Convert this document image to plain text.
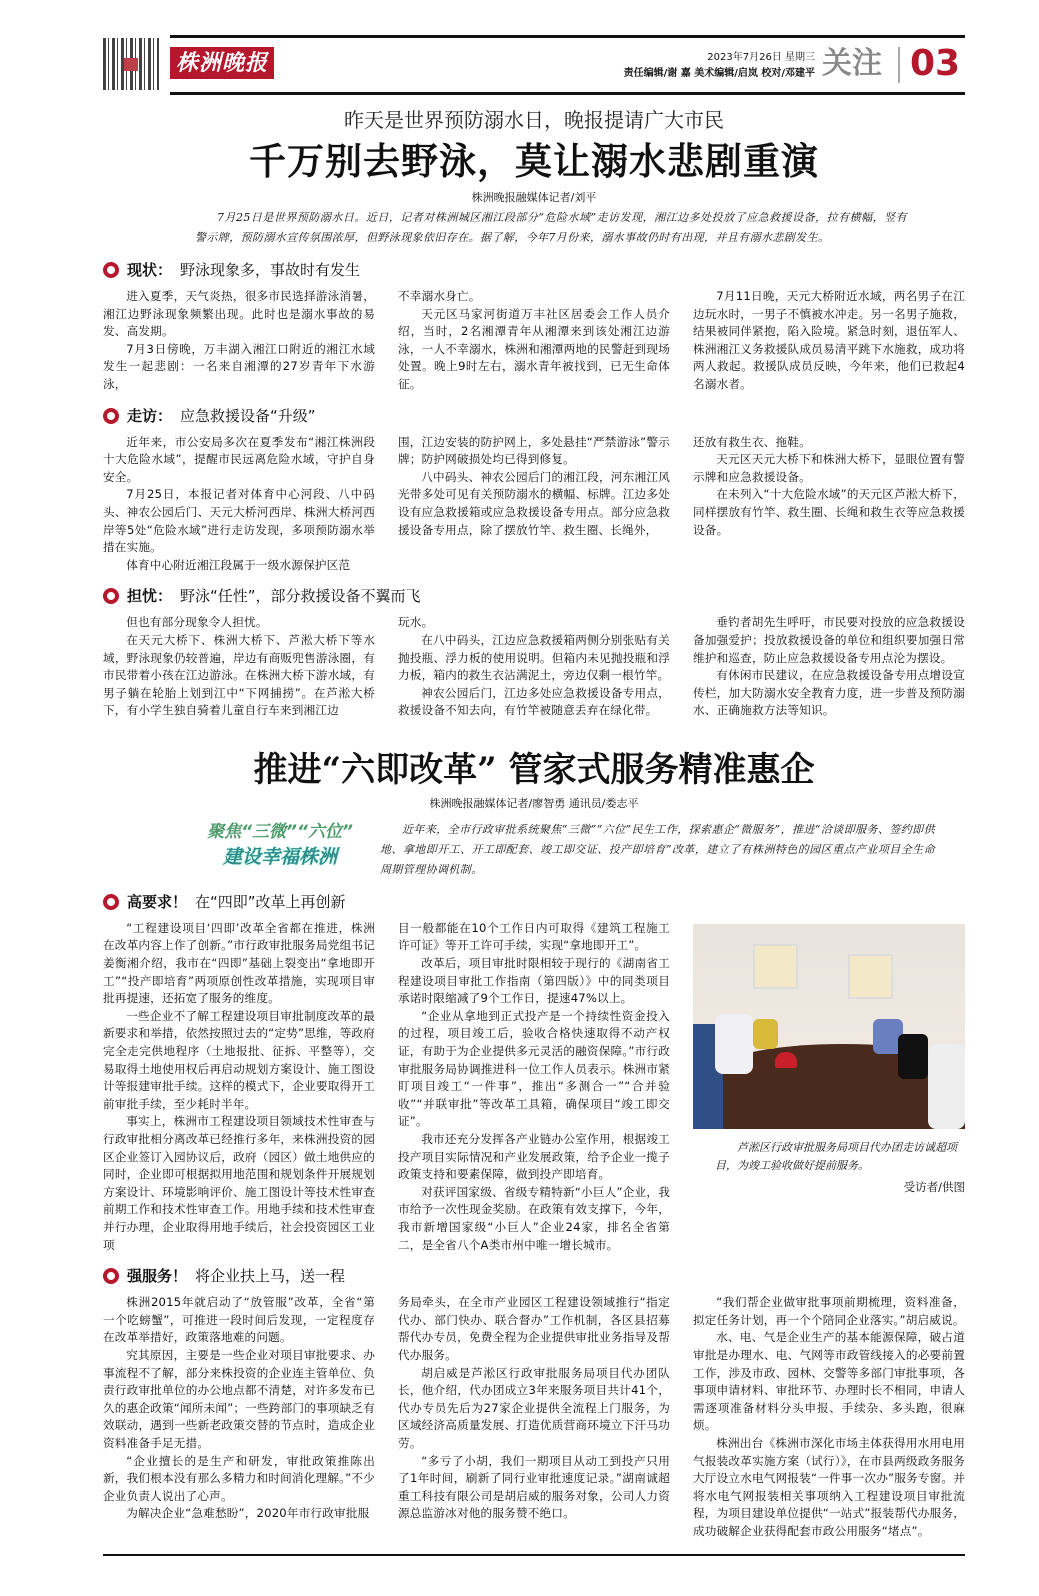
株洲晚报	2023年7月26日 星期三
责任编辑/谢 嘉 美术编辑/启岚 校对/邓建平 关注 03
昨天是世界预防溺水日，晚报提请广大市民
千万别去野泳，莫让溺水悲剧重演
株洲晚报融媒体记者/刘平
7月25日是世界预防溺水日。近日，记者对株洲城区湘江段部分“危险水域”走访发现，湘江边多处投放了应急救援设备，拉有横幅，竖有警示牌，预防溺水宣传氛围浓厚，但野泳现象依旧存在。据了解，今年7月份来，溺水事故仍时有出现，并且有溺水悲剧发生。
现状： 野泳现象多，事故时有发生

进入夏季，天气炎热，很多市民选择游泳消暑，湘江边野泳现象频繁出现。此时也是溺水事故的易发、高发期。

7月3日傍晚，万丰湖入湘江口附近的湘江水域发生一起悲剧：一名来自湘潭的27岁青年下水游泳，

不幸溺水身亡。

天元区马家河街道万丰社区居委会工作人员介绍，当时，2名湘潭青年从湘潭来到该处湘江边游泳，一人不幸溺水，株洲和湘潭两地的民警赶到现场处置。晚上9时左右，溺水青年被找到，已无生命体征。

7月11日晚，天元大桥附近水域，两名男子在江边玩水时，一男子不慎被水冲走。另一名男子施救，结果被同伴紧抱，陷入险境。紧急时刻，退伍军人、株洲湘江义务救援队成员易清平跳下水施救，成功将两人救起。救援队成员反映，今年来，他们已救起4名溺水者。

走访： 应急救援设备“升级”

近年来，市公安局多次在夏季发布“湘江株洲段十大危险水域”，提醒市民远离危险水域，守护自身安全。

7月25日，本报记者对体育中心河段、八中码头、神农公园后门、天元大桥河西岸、株洲大桥河西岸等5处“危险水域”进行走访发现，多项预防溺水举措在实施。

体育中心附近湘江段属于一级水源保护区范

围，江边安装的防护网上，多处悬挂“严禁游泳”警示牌；防护网破损处均已得到修复。

八中码头、神农公园后门的湘江段，河东湘江风光带多处可见有关预防溺水的横幅、标牌。江边多处设有应急救援箱或应急救援设备专用点。部分应急救援设备专用点，除了摆放竹竿、救生圈、长绳外，

还放有救生衣、拖鞋。

天元区天元大桥下和株洲大桥下，显眼位置有警示牌和应急救援设备。

在未列入“十大危险水域”的天元区芦淞大桥下，同样摆放有竹竿、救生圈、长绳和救生衣等应急救援设备。

担忧： 野泳“任性”，部分救援设备不翼而飞

但也有部分现象令人担忧。

在天元大桥下、株洲大桥下、芦淞大桥下等水域，野泳现象仍较普遍，岸边有商贩兜售游泳圈，有市民带着小孩在江边游泳。在株洲大桥下游水域，有男子躺在轮胎上划到江中“下网捕捞”。在芦淞大桥下，有小学生独自骑着儿童自行车来到湘江边

玩水。

在八中码头，江边应急救援箱两侧分别张贴有关抛投瓶、浮力板的使用说明。但箱内未见抛投瓶和浮力板，箱内的救生衣沾满泥土，旁边仅剩一根竹竿。

神农公园后门，江边多处应急救援设备专用点，救援设备不知去向，有竹竿被随意丢弃在绿化带。

垂钓者胡先生呼吁，市民要对投放的应急救援设备加强爱护；投放救援设备的单位和组织要加强日常维护和巡查，防止应急救援设备专用点沦为摆设。

有休闲市民建议，在应急救援设备专用点增设宣传栏，加大防溺水安全教育力度，进一步普及预防溺水、正确施救方法等知识。

推进“六即改革” 管家式服务精准惠企
株洲晚报融媒体记者/廖智勇 通讯员/娄志平
聚焦“三微”“六位”
建设幸福株洲
近年来，全市行政审批系统聚焦“三微”“六位”民生工作，探索惠企“微服务”，推进“洽谈即服务、签约即供地、拿地即开工、开工即配套、竣工即交证、投产即培育”改革，建立了有株洲特色的园区重点产业项目全生命周期管理协调机制。
高要求！ 在“四即”改革上再创新

“工程建设项目‘四即’改革全省都在推进，株洲在改革内容上作了创新。”市行政审批服务局党组书记姜衡湘介绍，我市在“四即”基础上裂变出“拿地即开工”“投产即培育”两项原创性改革措施，实现项目审批再提速，还拓宽了服务的维度。

一些企业不了解工程建设项目审批制度改革的最新要求和举措，依然按照过去的“定势”思维，等政府完全走完供地程序（土地报批、征拆、平整等），交易取得土地使用权后再启动规划方案设计、施工图设计等报建审批手续。这样的模式下，企业要取得开工前审批手续，至少耗时半年。

事实上，株洲市工程建设项目领域技术性审查与行政审批相分离改革已经推行多年，来株洲投资的园区企业签订入园协议后，政府（园区）做土地供应的同时，企业即可根据拟用地范围和规划条件开展规划方案设计、环境影响评价、施工图设计等技术性审查前期工作和技术性审查工作。用地手续和技术性审查并行办理，企业取得用地手续后，社会投资园区工业项

目一般都能在10个工作日内可取得《建筑工程施工许可证》等开工许可手续，实现“拿地即开工”。

改革后，项目审批时限相较于现行的《湖南省工程建设项目审批工作指南（第四版）》中的同类项目承诺时限缩减了9个工作日，提速47%以上。

“企业从拿地到正式投产是一个持续性资金投入的过程，项目竣工后，验收合格快速取得不动产权证，有助于为企业提供多元灵活的融资保障。”市行政审批服务局协调推进科一位工作人员表示。株洲市紧盯项目竣工“一件事”，推出“多测合一”“合并验收”“并联审批”等改革工具箱，确保项目“竣工即交证”。

我市还充分发挥各产业链办公室作用，根据竣工投产项目实际情况和产业发展政策，给予企业一揽子政策支持和要素保障，做到投产即培育。

对获评国家级、省级专精特新“小巨人”企业，我市给予一次性现金奖励。在政策有效支撑下，今年，我市新增国家级“小巨人”企业24家，排名全省第二，是全省八个A类市州中唯一增长城市。

芦淞区行政审批服务局项目代办团走访诚超项目，为竣工验收做好提前服务。
受访者/供图
强服务！ 将企业扶上马，送一程

株洲2015年就启动了“放管服”改革，全省“第一个吃螃蟹”，可推进一段时间后发现，一定程度存在改革举措好，政策落地难的问题。

究其原因，主要是一些企业对项目审批要求、办事流程不了解，部分来株投资的企业连主管单位、负责行政审批单位的办公地点都不清楚，对许多发布已久的惠企政策“闻所未闻”；一些跨部门的事项缺乏有效联动，遇到一些新老政策交替的节点时，造成企业资料准备手足无措。

“企业擅长的是生产和研发，审批政策推陈出新，我们根本没有那么多精力和时间消化理解。”不少企业负责人说出了心声。

为解决企业“急难愁盼”，2020年市行政审批服

务局牵头，在全市产业园区工程建设领域推行“指定代办、部门快办、联合督办”工作机制，各区县招募帮代办专员，免费全程为企业提供审批业务指导及帮代办服务。

胡启威是芦淞区行政审批服务局项目代办团队长，他介绍，代办团成立3年来服务项目共计41个，代办专员先后为27家企业提供全流程上门服务，为区域经济高质量发展、打造优质营商环境立下汗马功劳。

“多亏了小胡，我们一期项目从动工到投产只用了1年时间，刷新了同行业审批速度记录。”湖南诚超重工科技有限公司是胡启威的服务对象，公司人力资源总监游冰对他的服务赞不绝口。

“我们帮企业做审批事项前期梳理，资料准备，拟定任务计划，再一个个陪同企业落实。”胡启威说。

水、电、气是企业生产的基本能源保障，破占道审批是办理水、电、气网等市政管线接入的必要前置工作，涉及市政、园林、交警等多部门审批事项，各事项申请材料、审批环节、办理时长不相同，申请人需逐项准备材料分头申报、手续杂、多头跑，很麻烦。

株洲出台《株洲市深化市场主体获得用水用电用气报装改革实施方案（试行）》，在市县两级政务服务大厅设立水电气网报装“一件事一次办”服务专窗。并将水电气网报装相关事项纳入工程建设项目审批流程，为项目建设单位提供“一站式”报装帮代办服务，成功破解企业获得配套市政公用服务“堵点”。
